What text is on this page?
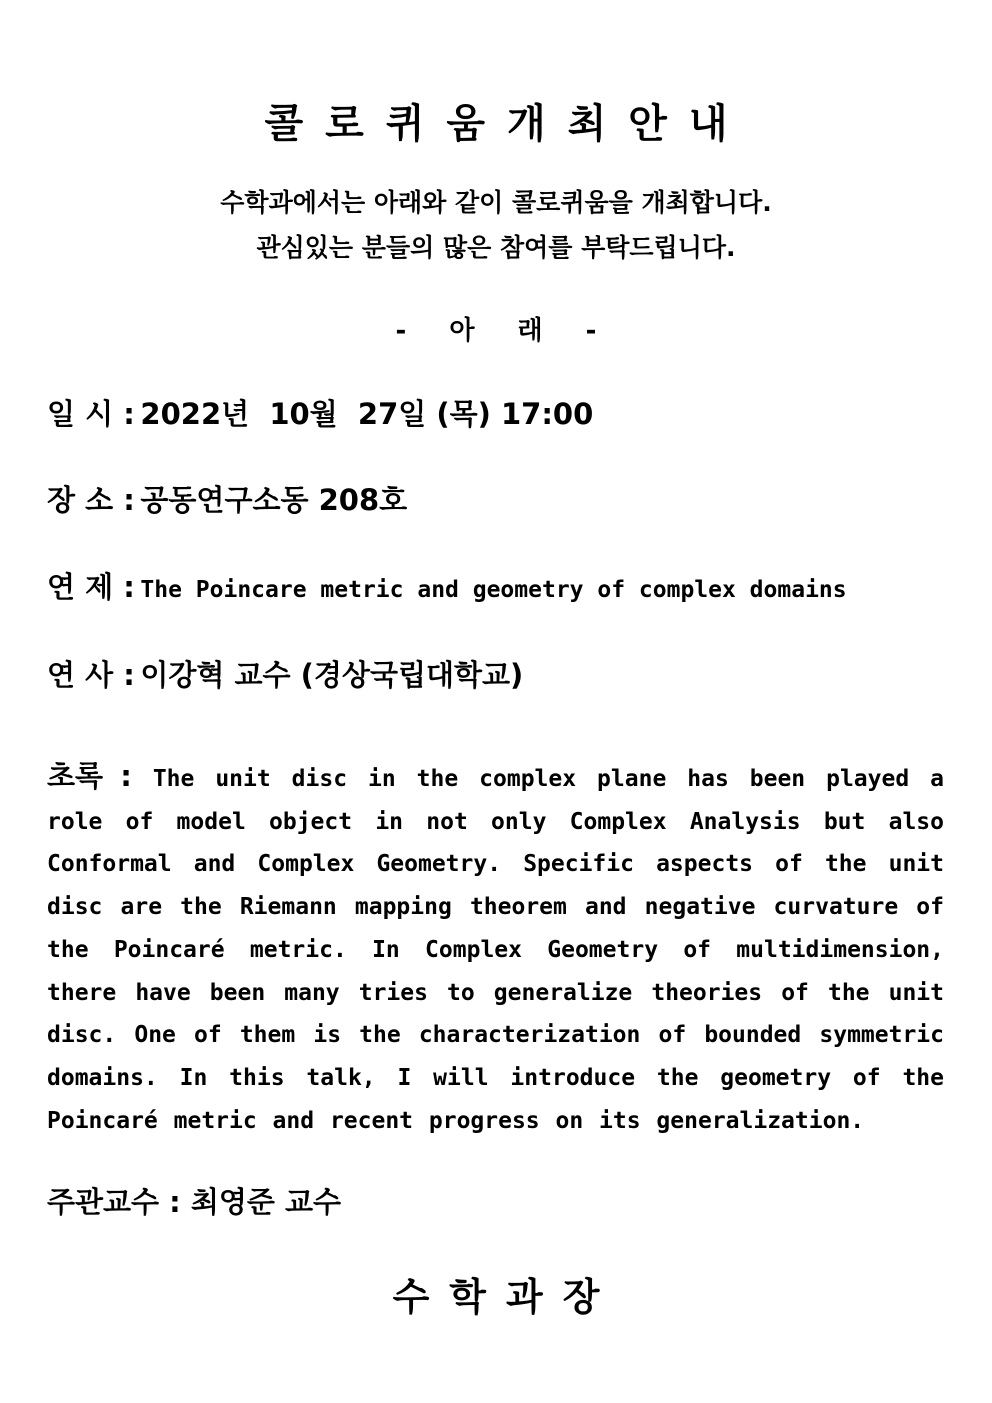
콜로퀴움개최안내
수학과에서는 아래와 같이 콜로퀴움을 개최합니다.
관심있는 분들의 많은 참여를 부탁드립니다.
- 아 래 -
일 시 : 2022년  10월  27일 (목) 17:00
장 소 : 공동연구소동 208호
연 제 : The Poincare metric and geometry of complex domains
연 사 : 이강혁 교수 (경상국립대학교)
초록 : The unit disc in the complex plane has been played a role of model object in not only Complex Analysis but also Conformal and Complex Geometry. Specific aspects of the unit disc are the Riemann mapping theorem and negative curvature of the Poincaré metric. In Complex Geometry of multidimension, there have been many tries to generalize theories of the unit disc. One of them is the characterization of bounded symmetric domains. In this talk, I will introduce the geometry of the Poincaré metric and recent progress on its generalization.
주관교수 : 최영준 교수
수학과장
